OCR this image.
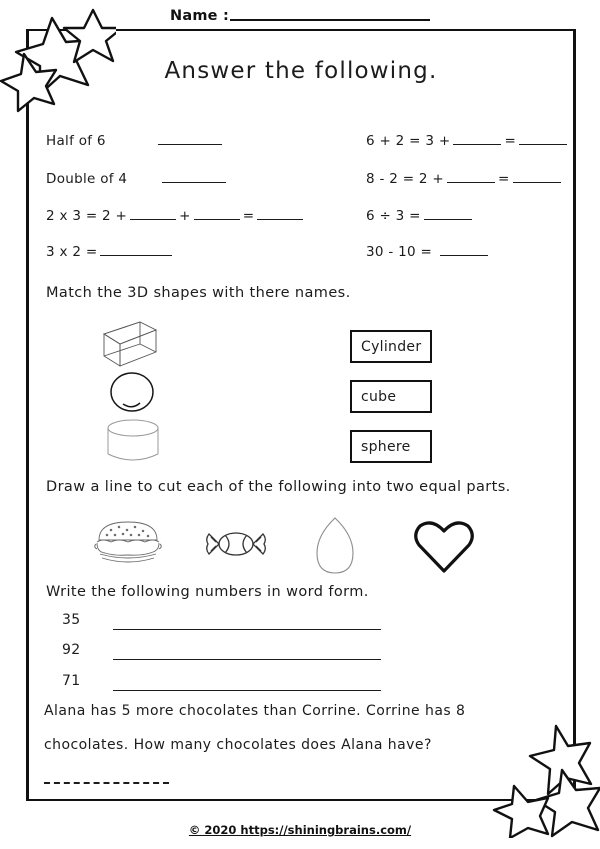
Name :
Answer the following.
Half of 6
Double of 4
2 x 3 = 2 +	+	=
3 x 2 =
6 + 2 = 3 +	=
8 - 2 = 2 +	=
6 ÷ 3 =
30 - 10 =
Match the 3D shapes with there names.
Cylinder
cube
sphere
Draw a line to cut each of the following into two equal parts.
Write the following numbers in word form.
35
92
71
Alana has 5 more chocolates than Corrine. Corrine has 8
chocolates. How many chocolates does Alana have?
© 2020 https://shiningbrains.com/
